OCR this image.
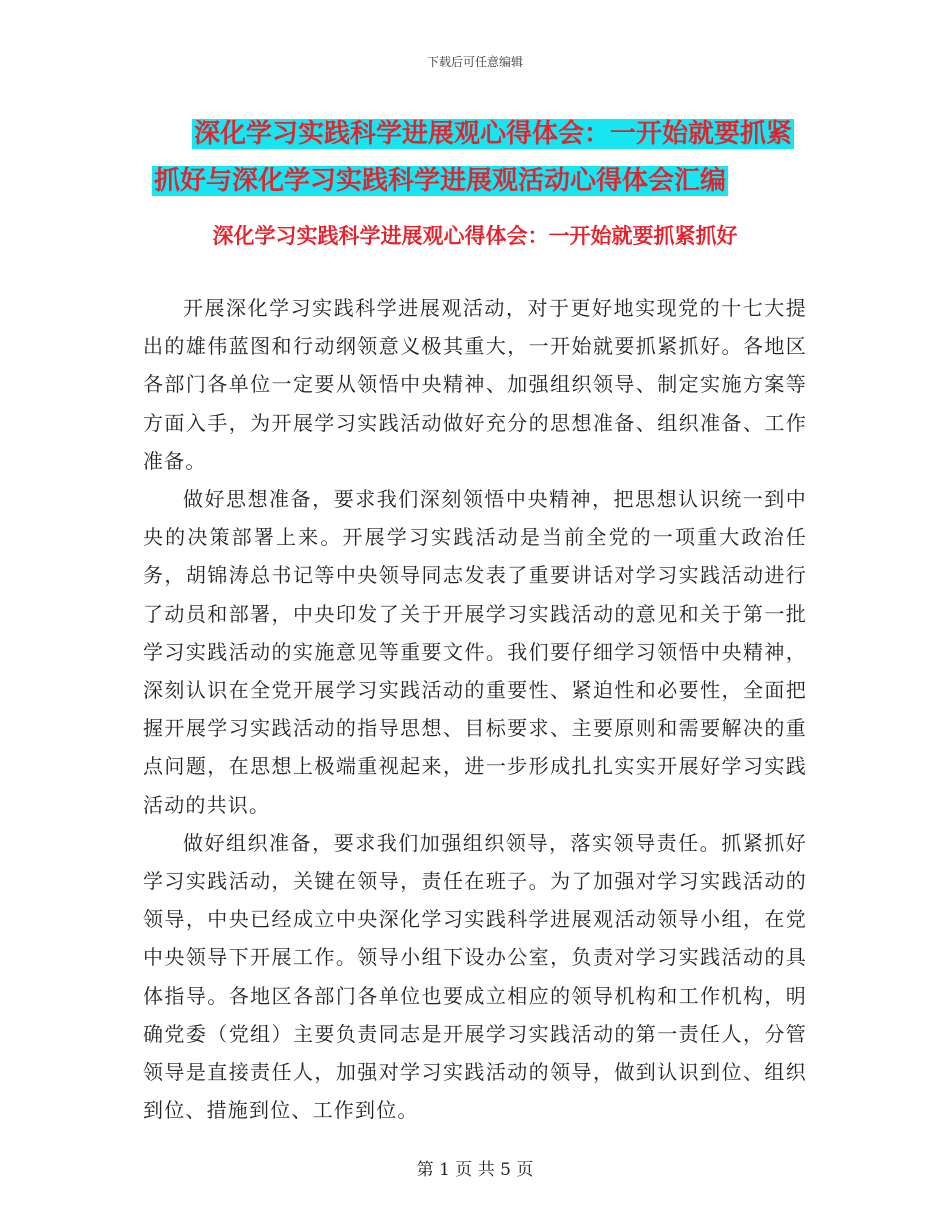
下载后可任意编辑
深化学习实践科学进展观心得体会：一开始就要抓紧
抓好与深化学习实践科学进展观活动心得体会汇编
深化学习实践科学进展观心得体会：一开始就要抓紧抓好

开展深化学习实践科学进展观活动，对于更好地实现党的十七大提出的雄伟蓝图和行动纲领意义极其重大，一开始就要抓紧抓好。各地区各部门各单位一定要从领悟中央精神、加强组织领导、制定实施方案等方面入手，为开展学习实践活动做好充分的思想准备、组织准备、工作准备。

做好思想准备，要求我们深刻领悟中央精神，把思想认识统一到中央的决策部署上来。开展学习实践活动是当前全党的一项重大政治任务，胡锦涛总书记等中央领导同志发表了重要讲话对学习实践活动进行了动员和部署，中央印发了关于开展学习实践活动的意见和关于第一批学习实践活动的实施意见等重要文件。我们要仔细学习领悟中央精神，深刻认识在全党开展学习实践活动的重要性、紧迫性和必要性，全面把握开展学习实践活动的指导思想、目标要求、主要原则和需要解决的重点问题，在思想上极端重视起来，进一步形成扎扎实实开展好学习实践活动的共识。

做好组织准备，要求我们加强组织领导，落实领导责任。抓紧抓好学习实践活动，关键在领导，责任在班子。为了加强对学习实践活动的领导，中央已经成立中央深化学习实践科学进展观活动领导小组，在党中央领导下开展工作。领导小组下设办公室，负责对学习实践活动的具体指导。各地区各部门各单位也要成立相应的领导机构和工作机构，明确党委（党组）主要负责同志是开展学习实践活动的第一责任人，分管领导是直接责任人，加强对学习实践活动的领导，做到认识到位、组织到位、措施到位、工作到位。

第 1 页 共 5 页
